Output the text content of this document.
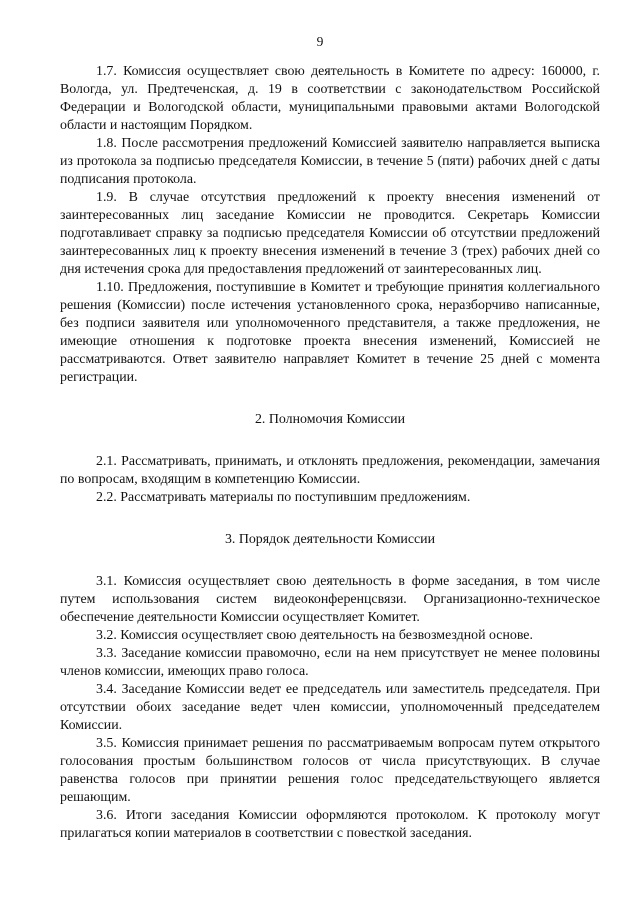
9

1.7. Комиссия осуществляет свою деятельность в Комитете по адресу: 160000, г. Вологда, ул. Предтеченская, д. 19 в соответствии с законодательством Российской Федерации и Вологодской области, муниципальными правовыми актами Вологодской области и настоящим Порядком.

1.8. После рассмотрения предложений Комиссией заявителю направляется выписка из протокола за подписью председателя Комиссии, в течение 5 (пяти) рабочих дней с даты подписания протокола.

1.9. В случае отсутствия предложений к проекту внесения изменений от заинтересованных лиц заседание Комиссии не проводится. Секретарь Комиссии подготавливает справку за подписью председателя Комиссии об отсутствии предложений заинтересованных лиц к проекту внесения изменений в течение 3 (трех) рабочих дней со дня истечения срока для предоставления предложений от заинтересованных лиц.

1.10. Предложения, поступившие в Комитет и требующие принятия коллегиального решения (Комиссии) после истечения установленного срока, неразборчиво написанные, без подписи заявителя или уполномоченного представителя, а также предложения, не имеющие отношения к подготовке проекта внесения изменений, Комиссией не рассматриваются. Ответ заявителю направляет Комитет в течение 25 дней с момента регистрации.

2. Полномочия Комиссии

2.1. Рассматривать, принимать, и отклонять предложения, рекомендации, замечания по вопросам, входящим в компетенцию Комиссии.

2.2. Рассматривать материалы по поступившим предложениям.

3. Порядок деятельности Комиссии

3.1. Комиссия осуществляет свою деятельность в форме заседания, в том числе путем использования систем видеоконференцсвязи. Организационно-техническое обеспечение деятельности Комиссии осуществляет Комитет.

3.2. Комиссия осуществляет свою деятельность на безвозмездной основе.

3.3. Заседание комиссии правомочно, если на нем присутствует не менее половины членов комиссии, имеющих право голоса.

3.4. Заседание Комиссии ведет ее председатель или заместитель председателя. При отсутствии обоих заседание ведет член комиссии, уполномоченный председателем Комиссии.

3.5. Комиссия принимает решения по рассматриваемым вопросам путем открытого голосования простым большинством голосов от числа присутствующих. В случае равенства голосов при принятии решения голос председательствующего является решающим.

3.6. Итоги заседания Комиссии оформляются протоколом. К протоколу могут прилагаться копии материалов в соответствии с повесткой заседания.
